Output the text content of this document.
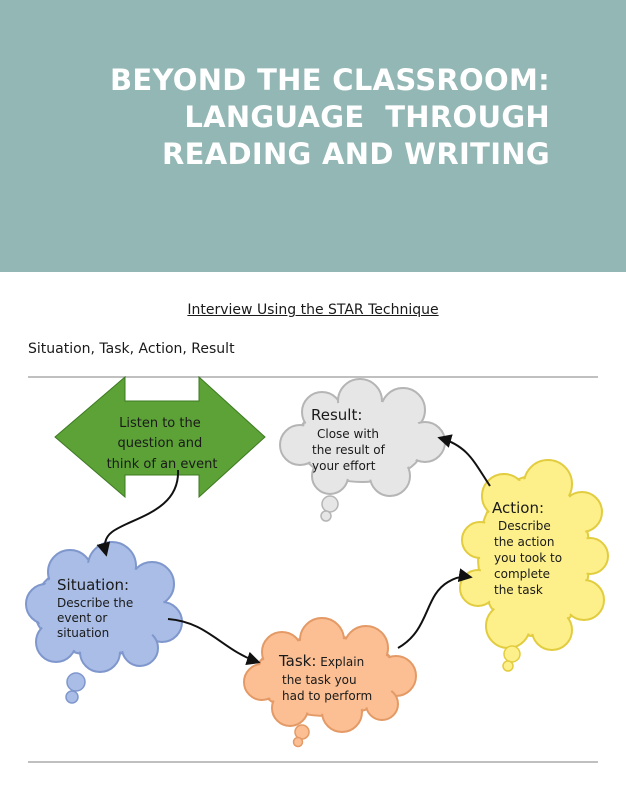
BEYOND THE CLASSROOM:
LANGUAGE  THROUGH
READING AND WRITING

Interview Using the STAR Technique

Situation, Task, Action, Result

Listen to the question and think of an event
Result:
Close with the result of your effort
Situation:
Describe the event or situation
Task: Explain
the task you had to perform
Action:
Describe the action you took to complete the task
